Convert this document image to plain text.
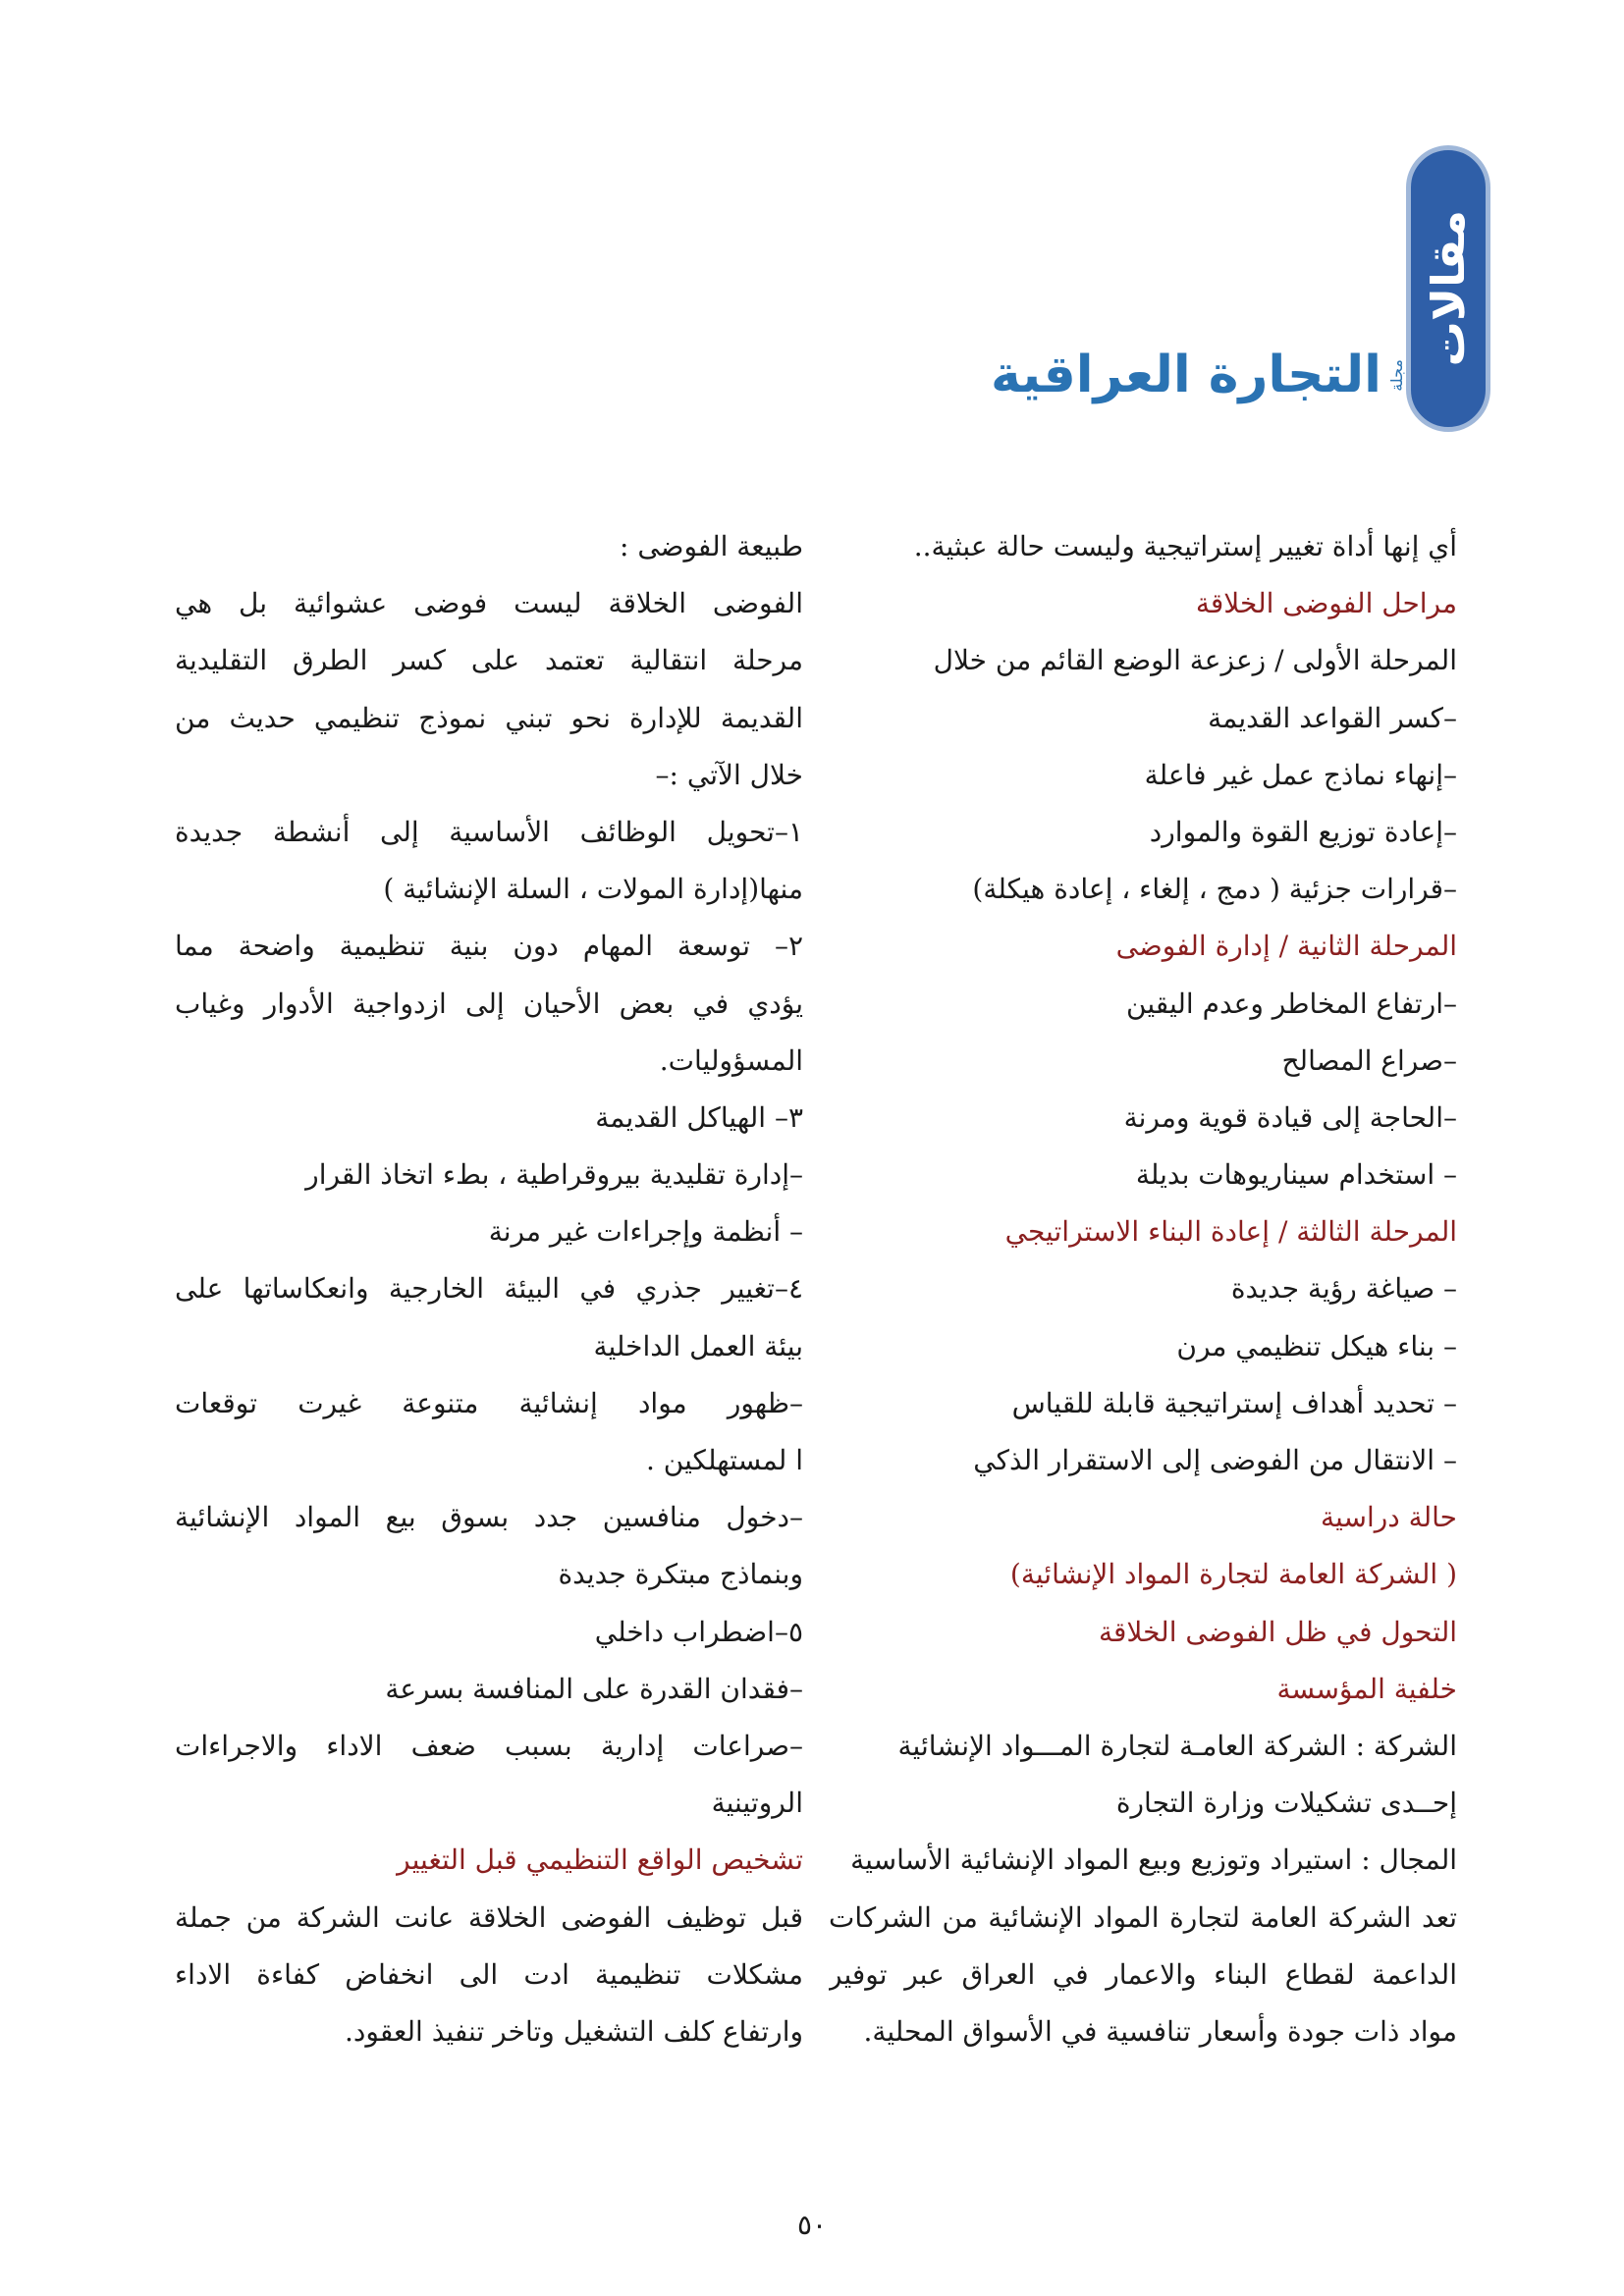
مقالات
مجلة
التجارة العراقية
أي إنها أداة تغيير إستراتيجية وليست حالة عبثية..
مراحل الفوضى الخلاقة
المرحلة الأولى / زعزعة الوضع القائم من خلال
–كسر القواعد القديمة
–إنهاء نماذج عمل غير فاعلة
–إعادة توزيع القوة والموارد
–قرارات جزئية ( دمج ، إلغاء ، إعادة هيكلة)
المرحلة الثانية / إدارة الفوضى
–ارتفاع المخاطر وعدم اليقين
–صراع المصالح
–الحاجة إلى قيادة قوية ومرنة
– استخدام سيناريوهات بديلة
المرحلة الثالثة / إعادة البناء الاستراتيجي
– صياغة رؤية جديدة
– بناء هيكل تنظيمي مرن
– تحديد أهداف إستراتيجية قابلة للقياس
– الانتقال من الفوضى إلى الاستقرار الذكي
حالة دراسية
( الشركة العامة لتجارة المواد الإنشائية)
التحول في ظل الفوضى الخلاقة
خلفية المؤسسة
الشركة : الشركة العامـة لتجارة المـــواد الإنشائية
إحــدى تشكيلات وزارة التجارة
المجال : استيراد وتوزيع وبيع المواد الإنشائية الأساسية
تعد الشركة العامة لتجارة المواد الإنشائية من الشركات
الداعمة لقطاع البناء والاعمار في العراق عبر توفير
مواد ذات جودة وأسعار تنافسية في الأسواق المحلية.
طبيعة الفوضى :
الفوضى الخلاقة ليست فوضى عشوائية بل هي
مرحلة انتقالية تعتمد على كسر الطرق التقليدية
القديمة للإدارة نحو تبني نموذج تنظيمي حديث من
خلال الآتي :–
١–تحويل الوظائف الأساسية إلى أنشطة جديدة
منها(إدارة المولات ، السلة الإنشائية )
٢– توسعة المهام دون بنية تنظيمية واضحة مما
يؤدي في بعض الأحيان إلى ازدواجية الأدوار وغياب
المسؤوليات.
٣– الهياكل القديمة
–إدارة تقليدية بيروقراطية ، بطء اتخاذ القرار
– أنظمة وإجراءات غير مرنة
٤–تغيير جذري في البيئة الخارجية وانعكاساتها على
بيئة العمل الداخلية
–ظهور مواد إنشائية متنوعة غيرت توقعات
ا لمستهلكين .
–دخول منافسين جدد بسوق بيع المواد الإنشائية
وبنماذج مبتكرة جديدة
٥–اضطراب داخلي
–فقدان القدرة على المنافسة بسرعة
–صراعات إدارية بسبب ضعف الاداء والاجراءات
الروتينية
تشخيص الواقع التنظيمي قبل التغيير
قبل توظيف الفوضى الخلاقة عانت الشركة من جملة
مشكلات تنظيمية ادت الى انخفاض كفاءة الاداء
وارتفاع كلف التشغيل وتاخر تنفيذ العقود.
٥٠
